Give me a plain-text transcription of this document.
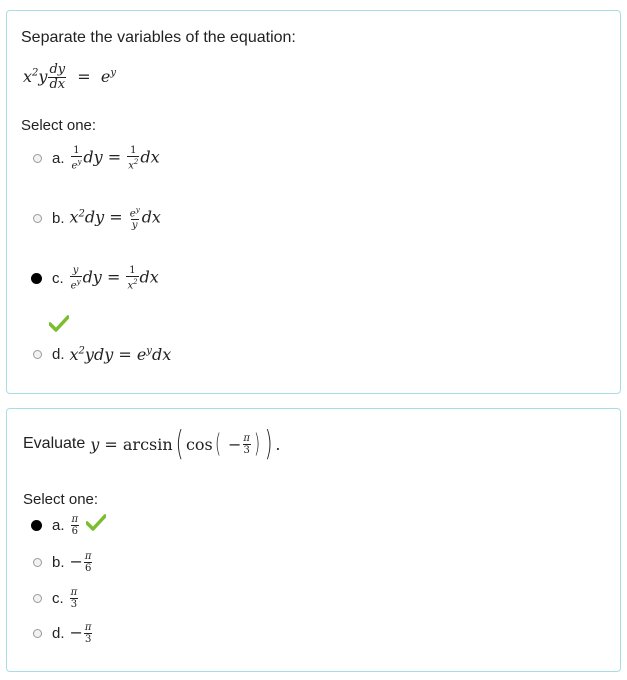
Separate the variables of the equation:
$x^2y \frac{dy}{dx} = e^y$
Select one:
a. $\frac{1}{e^y}$ dy = $\frac{1}{x^2}$ dx
b. $x^2dy = \frac{e^y}{y}$ dx
c. $\frac{y}{e^y}$ dy = $\frac{1}{x^2}$ dx
d. $x^2ydy = e^ydx$
Evaluate y = arcsin ( cos ( − $\frac{\pi}{3}$ ) ) .
Select one:
a. $\frac{\pi}{6}$
b. − $\frac{\pi}{6}$
c. $\frac{\pi}{3}$
d. − $\frac{\pi}{3}$
